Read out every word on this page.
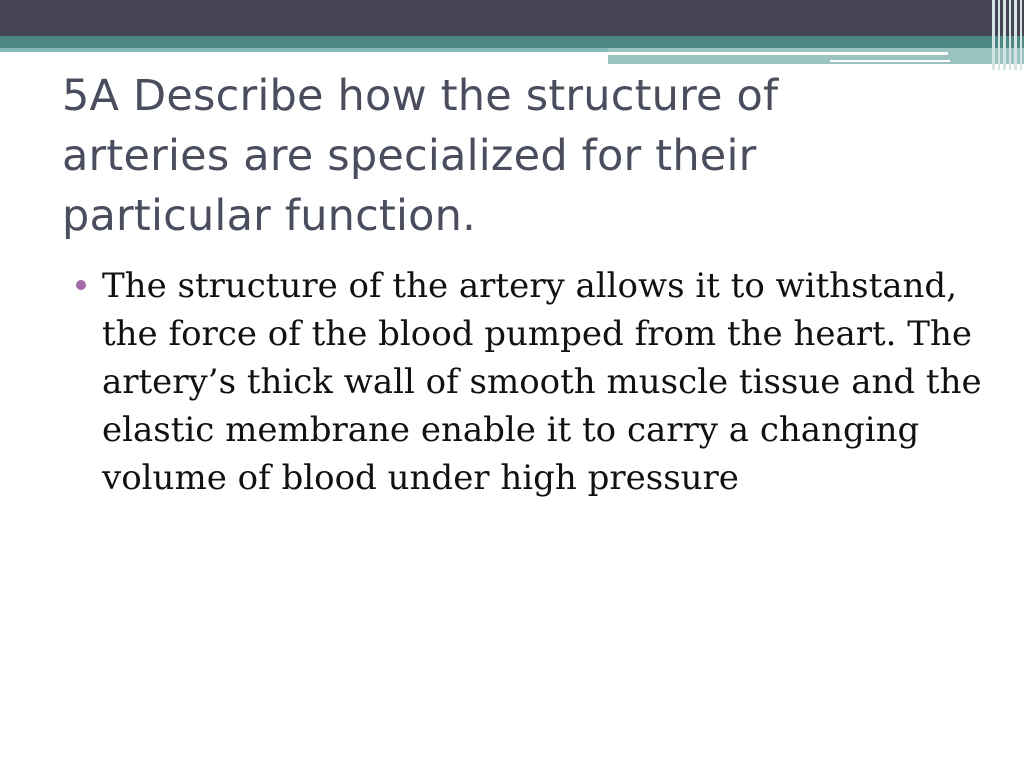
5A Describe how the structure of arteries are specialized for their particular function.
The structure of the artery allows it to withstand, the force of the blood pumped from the heart. The artery’s thick wall of smooth muscle tissue and the elastic membrane enable it to carry a changing volume of blood under high pressure
